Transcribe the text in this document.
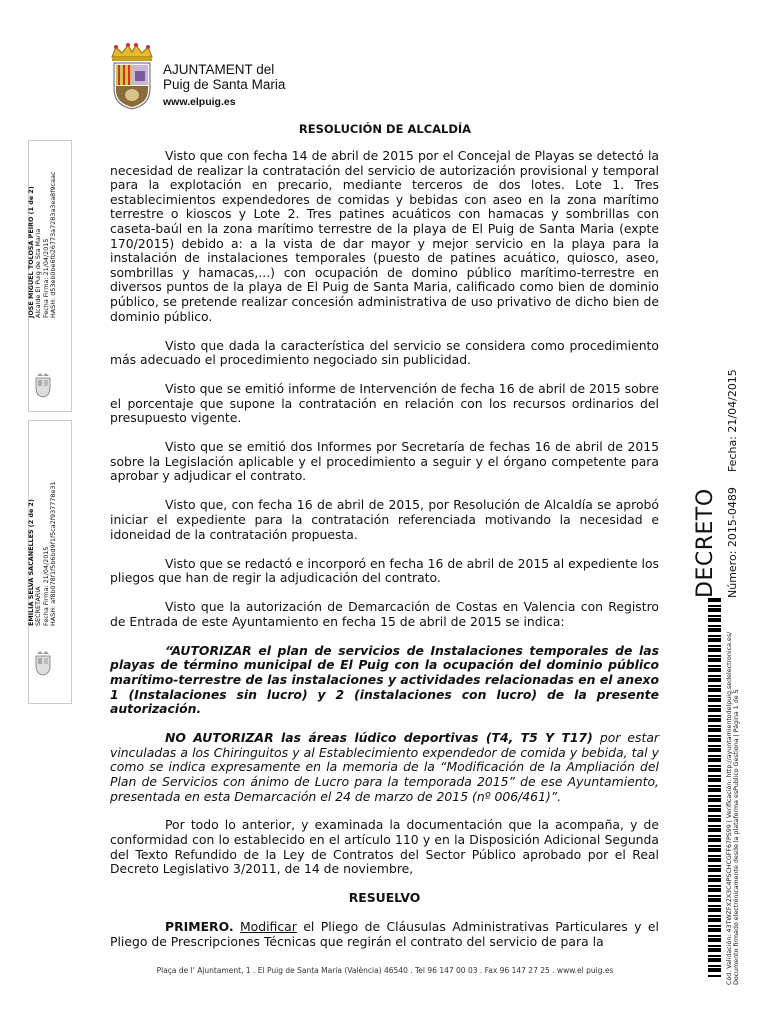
AJUNTAMENT del
Puig de Santa Maria
www.elpuig.es
JOSE MIGUEL TOLOSA PEIRO (1 de 2) Alcalde El Puig de Sta Maria Fecha Firma: 21/04/2015 HASH: d53eb0be6fb26773a7283a3ea8f9caac
EMILIA SELVA SACANELLES (2 de 2) SECRETARIA Fecha Firma: 21/04/2015 HASH: af8b078f1f5b6bd9f1f5ca2f937778e31
RESOLUCIÓN DE ALCALDÍA

Visto que con fecha 14 de abril de 2015 por el Concejal de Playas se detectó la necesidad de realizar la contratación del servicio de autorización provisional y temporal para la explotación en precario, mediante terceros de dos lotes. Lote 1. Tres establecimientos expendedores de comidas y bebidas con aseo en la zona marítimo terrestre o kioscos y Lote 2. Tres patines acuáticos con hamacas y sombrillas con caseta-baúl en la zona marítimo terrestre de la playa de El Puig de Santa Maria (expte 170/2015) debido a: a la vista de dar mayor y mejor servicio en la playa para la instalación de instalaciones temporales (puesto de patines acuático, quiosco, aseo, sombrillas y hamacas,...) con ocupación de domino público marítimo-terrestre en diversos puntos de la playa de El Puig de Santa Maria, calificado como bien de dominio público, se pretende realizar concesión administrativa de uso privativo de dicho bien de dominio público.

Visto que dada la característica del servicio se considera como procedimiento más adecuado el procedimiento negociado sin publicidad.

Visto que se emitió informe de Intervención de fecha 16 de abril de 2015 sobre el porcentaje que supone la contratación en relación con los recursos ordinarios del presupuesto vigente.

Visto que se emitió dos Informes por Secretaría de fechas 16 de abril de 2015 sobre la Legislación aplicable y el procedimiento a seguir y el órgano competente para aprobar y adjudicar el contrato.

Visto que, con fecha 16 de abril de 2015, por Resolución de Alcaldía se aprobó iniciar el expediente para la contratación referenciada motivando la necesidad e idoneidad de la contratación propuesta.

Visto que se redactó e incorporó en fecha 16 de abril de 2015 al expediente los pliegos que han de regir la adjudicación del contrato.

Visto que la autorización de Demarcación de Costas en Valencia con Registro de Entrada de este Ayuntamiento en fecha 15 de abril de 2015 se indica:

“AUTORIZAR el plan de servicios de Instalaciones temporales de las playas de término municipal de El Puig con la ocupación del dominio público marítimo-terrestre de las instalaciones y actividades relacionadas en el anexo 1 (Instalaciones sin lucro) y 2 (instalaciones con lucro) de la presente autorización.

NO AUTORIZAR las áreas lúdico deportivas (T4, T5 Y T17) por estar vinculadas a los Chiringuitos y al Establecimiento expendedor de comida y bebida, tal y como se indica expresamente en la memoria de la “Modificación de la Ampliación del Plan de Servicios con ánimo de Lucro para la temporada 2015” de ese Ayuntamiento, presentada en esta Demarcación el 24 de marzo de 2015 (nº 006/461)”.

Por todo lo anterior, y examinada la documentación que la acompaña, y de conformidad con lo establecido en el artículo 110 y en la Disposición Adicional Segunda del Texto Refundido de la Ley de Contratos del Sector Público aprobado por el Real Decreto Legislativo 3/2011, de 14 de noviembre,

RESUELVO

PRIMERO. Modificar el Pliego de Cláusulas Administrativas Particulares y el Pliego de Prescripciones Técnicas que regirán el contrato del servicio de para la

Plaça de l' Ajuntament, 1 . El Puig de Santa Maria (València) 46540 . Tel 96 147 00 03 . Fax 96 147 27 25 . www.el puig.es
DECRETO Número: 2015-0489 Fecha: 21/04/2015
Cód. Validación: 43TWZFX2X3C4PSCHCGFF67PS99 | Verificación: http://ayuntamientodelpuig.sedelectronica.es/ Documento firmado electrónicamente desde la plataforma esPublico Gestiona | Página 1 de 5
